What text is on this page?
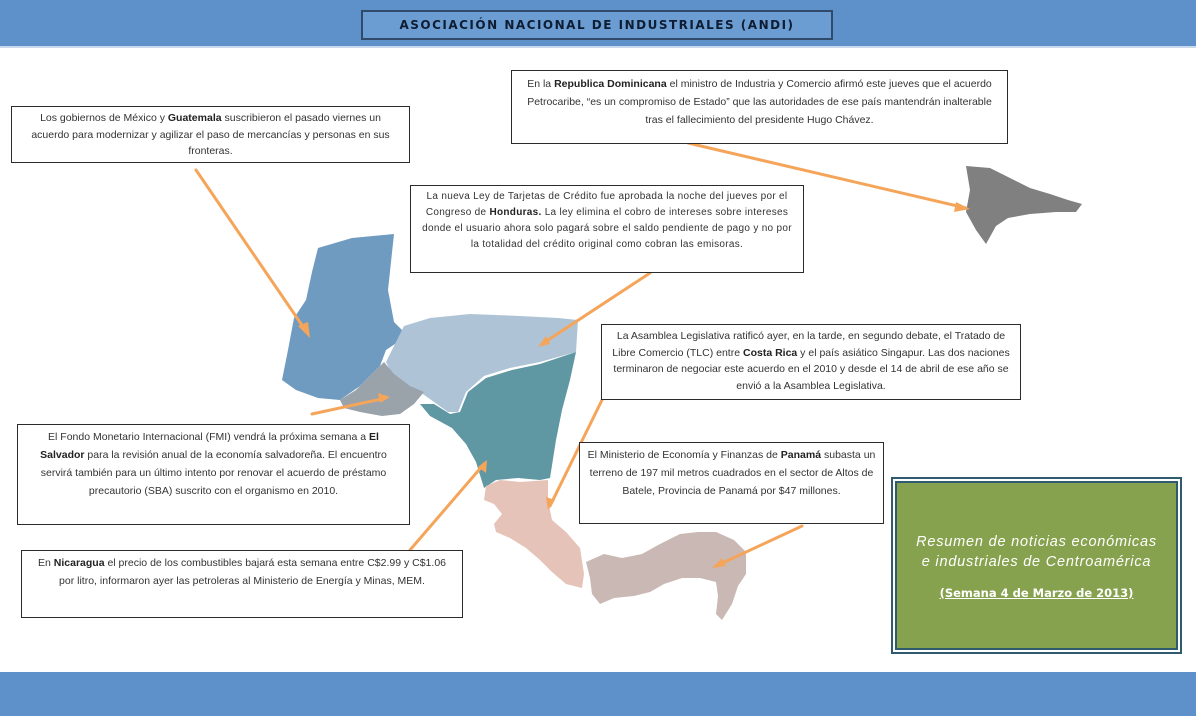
ASOCIACIÓN NACIONAL DE INDUSTRIALES (ANDI)
Los gobiernos de México y Guatemala suscribieron el pasado viernes un acuerdo para modernizar y agilizar el paso de mercancías y personas en sus fronteras.
En la Republica Dominicana el ministro de Industria y Comercio afirmó este jueves que el acuerdo Petrocaribe, “es un compromiso de Estado” que las autoridades de ese país mantendrán inalterable tras el fallecimiento del presidente Hugo Chávez.
La nueva Ley de Tarjetas de Crédito fue aprobada la noche del jueves por el Congreso de Honduras. La ley elimina el cobro de intereses sobre intereses donde el usuario ahora solo pagará sobre el saldo pendiente de pago y no por la totalidad del crédito original como cobran las emisoras.
La Asamblea Legislativa ratificó ayer, en la tarde, en segundo debate, el Tratado de Libre Comercio (TLC) entre Costa Rica y el país asiático Singapur. Las dos naciones terminaron de negociar este acuerdo en el 2010 y desde el 14 de abril de ese año se envió a la Asamblea Legislativa.
El Fondo Monetario Internacional (FMI) vendrá la próxima semana a El Salvador para la revisión anual de la economía salvadoreña. El encuentro servirá también para un último intento por renovar el acuerdo de préstamo precautorio (SBA) suscrito con el organismo en 2010.
El Ministerio de Economía y Finanzas de Panamá subasta un terreno de 197 mil metros cuadrados en el sector de Altos de Batele, Provincia de Panamá por $47 millones.
En Nicaragua el precio de los combustibles bajará esta semana entre C$2.99 y C$1.06 por litro, informaron ayer las petroleras al Ministerio de Energía y Minas, MEM.
Resumen de noticias económicas e industriales de Centroamérica
(Semana 4 de Marzo de 2013)
